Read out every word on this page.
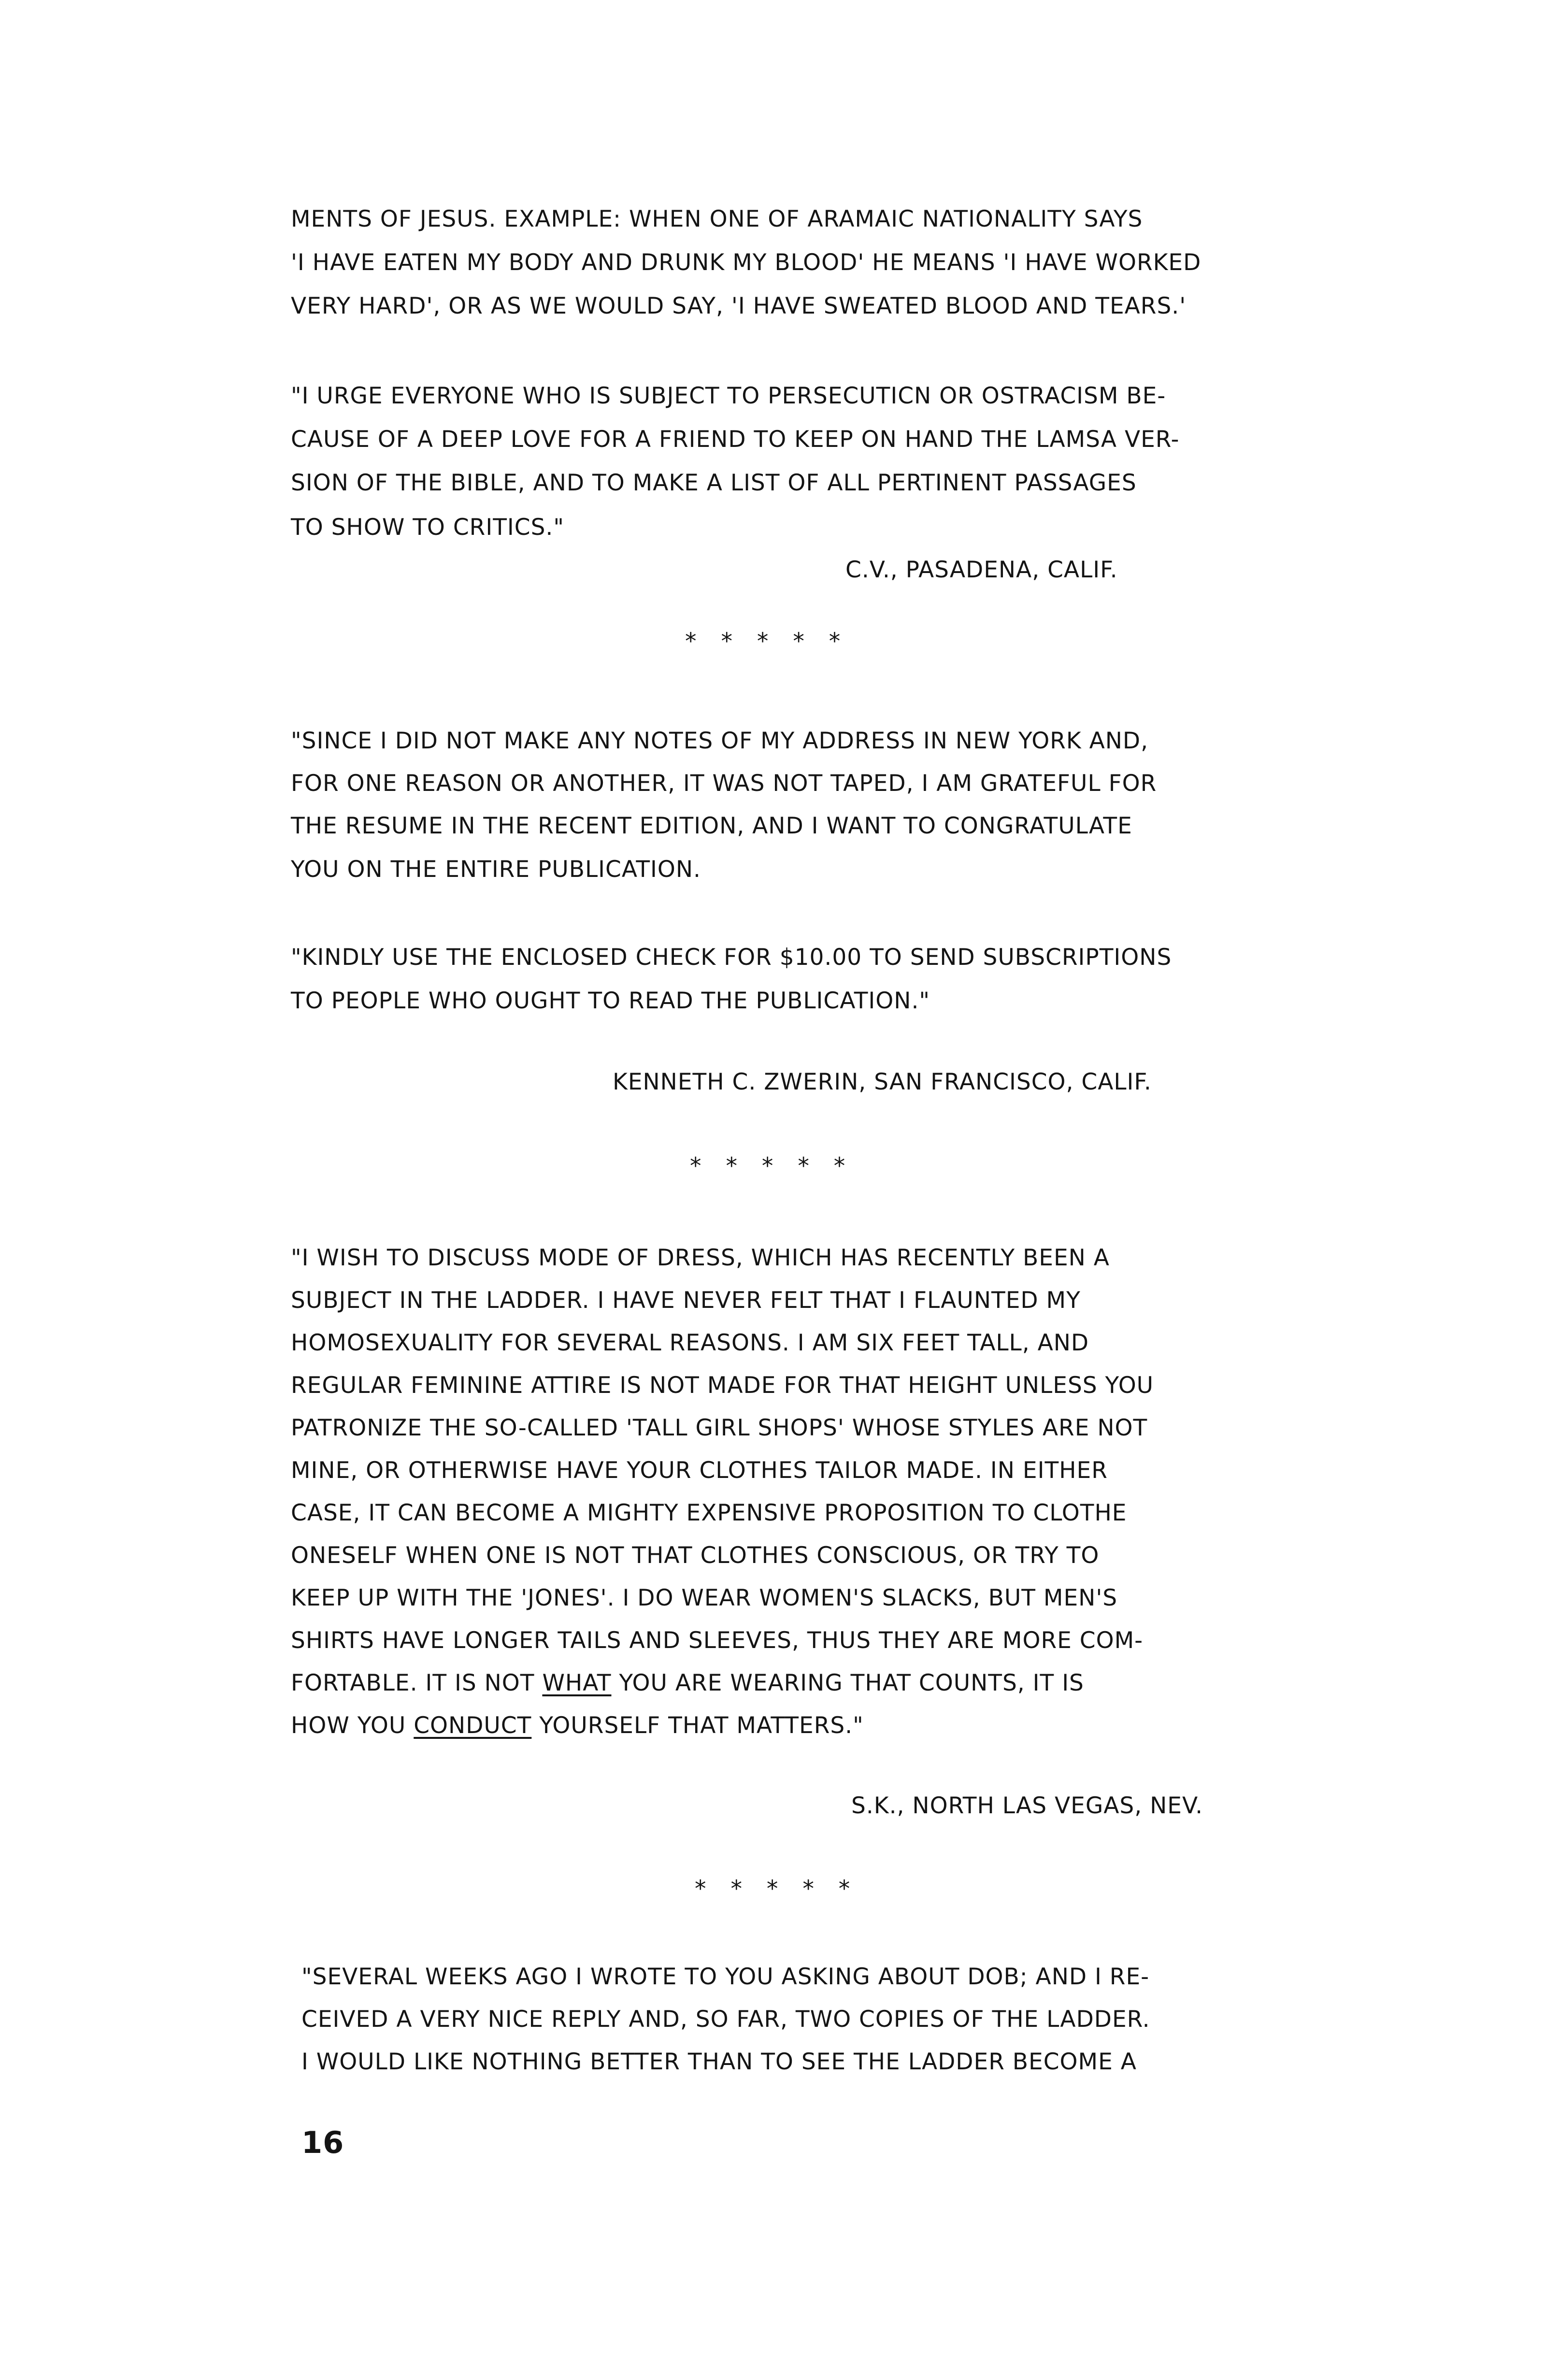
MENTS OF JESUS. EXAMPLE: WHEN ONE OF ARAMAIC NATIONALITY SAYS
'I HAVE EATEN MY BODY AND DRUNK MY BLOOD' HE MEANS 'I HAVE WORKED
VERY HARD', OR AS WE WOULD SAY, 'I HAVE SWEATED BLOOD AND TEARS.'
"I URGE EVERYONE WHO IS SUBJECT TO PERSECUTICN OR OSTRACISM BE-
CAUSE OF A DEEP LOVE FOR A FRIEND TO KEEP ON HAND THE LAMSA VER-
SION OF THE BIBLE, AND TO MAKE A LIST OF ALL PERTINENT PASSAGES
TO SHOW TO CRITICS."
C.V., PASADENA, CALIF.
* * * * *
"SINCE I DID NOT MAKE ANY NOTES OF MY ADDRESS IN NEW YORK AND,
FOR ONE REASON OR ANOTHER, IT WAS NOT TAPED, I AM GRATEFUL FOR
THE RESUME IN THE RECENT EDITION, AND I WANT TO CONGRATULATE
YOU ON THE ENTIRE PUBLICATION.
"KINDLY USE THE ENCLOSED CHECK FOR $10.00 TO SEND SUBSCRIPTIONS
TO PEOPLE WHO OUGHT TO READ THE PUBLICATION."
KENNETH C. ZWERIN, SAN FRANCISCO, CALIF.
* * * * *
"I WISH TO DISCUSS MODE OF DRESS, WHICH HAS RECENTLY BEEN A
SUBJECT IN THE LADDER. I HAVE NEVER FELT THAT I FLAUNTED MY
HOMOSEXUALITY FOR SEVERAL REASONS. I AM SIX FEET TALL, AND
REGULAR FEMININE ATTIRE IS NOT MADE FOR THAT HEIGHT UNLESS YOU
PATRONIZE THE SO-CALLED 'TALL GIRL SHOPS' WHOSE STYLES ARE NOT
MINE, OR OTHERWISE HAVE YOUR CLOTHES TAILOR MADE. IN EITHER
CASE, IT CAN BECOME A MIGHTY EXPENSIVE PROPOSITION TO CLOTHE
ONESELF WHEN ONE IS NOT THAT CLOTHES CONSCIOUS, OR TRY TO
KEEP UP WITH THE 'JONES'. I DO WEAR WOMEN'S SLACKS, BUT MEN'S
SHIRTS HAVE LONGER TAILS AND SLEEVES, THUS THEY ARE MORE COM-
FORTABLE. IT IS NOT WHAT YOU ARE WEARING THAT COUNTS, IT IS
HOW YOU CONDUCT YOURSELF THAT MATTERS."
S.K., NORTH LAS VEGAS, NEV.
* * * * *
"SEVERAL WEEKS AGO I WROTE TO YOU ASKING ABOUT DOB; AND I RE-
CEIVED A VERY NICE REPLY AND, SO FAR, TWO COPIES OF THE LADDER.
I WOULD LIKE NOTHING BETTER THAN TO SEE THE LADDER BECOME A
16
